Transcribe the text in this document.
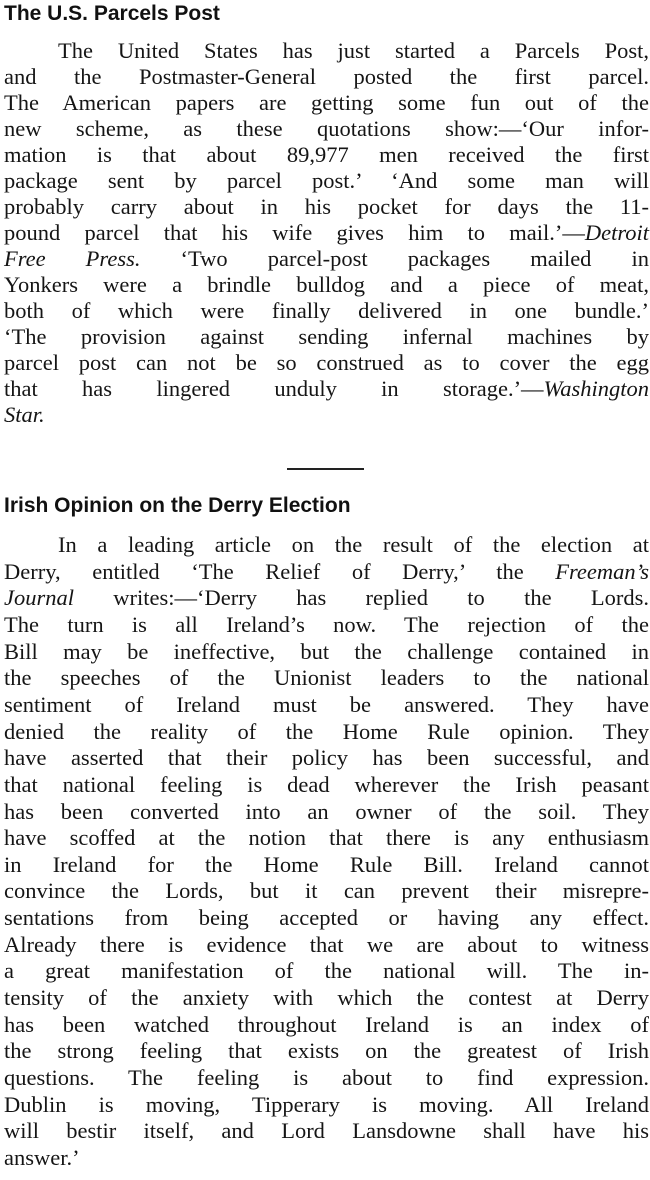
The U.S. Parcels Post
The United States has just started a Parcels Post,
and the Postmaster-General posted the first parcel.
The American papers are getting some fun out of the
new scheme, as these quotations show:—‘Our infor-
mation is that about 89,977 men received the first
package sent by parcel post.’ ‘And some man will
probably carry about in his pocket for days the 11-
pound parcel that his wife gives him to mail.’—Detroit
Free Press. ‘Two parcel-post packages mailed in
Yonkers were a brindle bulldog and a piece of meat,
both of which were finally delivered in one bundle.’
‘The provision against sending infernal machines by
parcel post can not be so construed as to cover the egg
that has lingered unduly in storage.’—Washington
Star.
Irish Opinion on the Derry Election
In a leading article on the result of the election at
Derry, entitled ‘The Relief of Derry,’ the Freeman’s
Journal writes:—‘Derry has replied to the Lords.
The turn is all Ireland’s now. The rejection of the
Bill may be ineffective, but the challenge contained in
the speeches of the Unionist leaders to the national
sentiment of Ireland must be answered. They have
denied the reality of the Home Rule opinion. They
have asserted that their policy has been successful, and
that national feeling is dead wherever the Irish peasant
has been converted into an owner of the soil. They
have scoffed at the notion that there is any enthusiasm
in Ireland for the Home Rule Bill. Ireland cannot
convince the Lords, but it can prevent their misrepre-
sentations from being accepted or having any effect.
Already there is evidence that we are about to witness
a great manifestation of the national will. The in-
tensity of the anxiety with which the contest at Derry
has been watched throughout Ireland is an index of
the strong feeling that exists on the greatest of Irish
questions. The feeling is about to find expression.
Dublin is moving, Tipperary is moving. All Ireland
will bestir itself, and Lord Lansdowne shall have his
answer.’
